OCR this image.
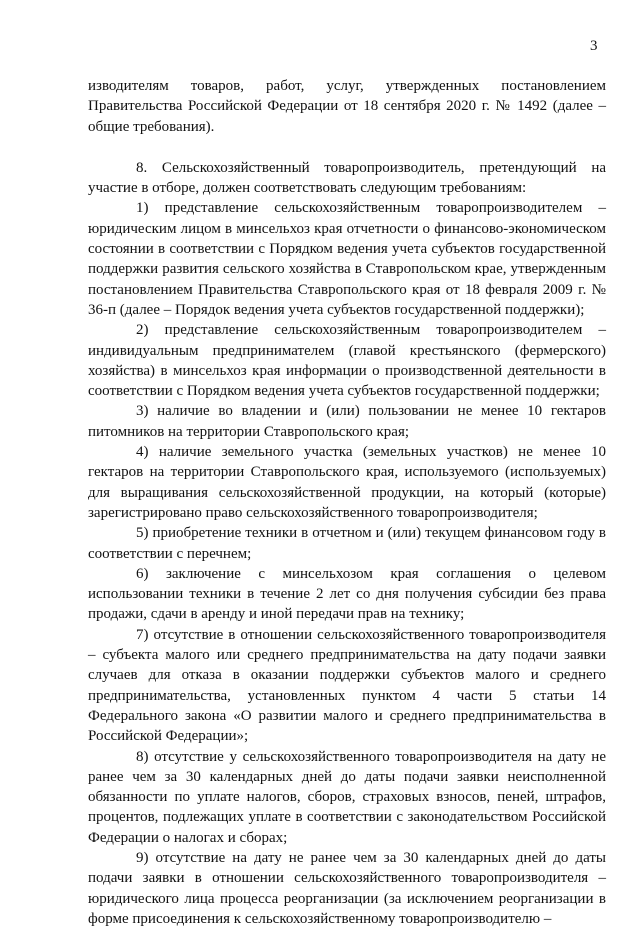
3

изводителям товаров, работ, услуг, утвержденных постановлением Правительства Российской Федерации от 18 сентября 2020 г. № 1492 (далее – общие требования).

8. Сельскохозяйственный товаропроизводитель, претендующий на участие в отборе, должен соответствовать следующим требованиям:

1) представление сельскохозяйственным товаропроизводителем – юридическим лицом в минсельхоз края отчетности о финансово-экономическом состоянии в соответствии с Порядком ведения учета субъектов государственной поддержки развития сельского хозяйства в Ставропольском крае, утвержденным постановлением Правительства Ставропольского края от 18 февраля 2009 г. № 36-п (далее – Порядок ведения учета субъектов государственной поддержки);

2) представление сельскохозяйственным товаропроизводителем – индивидуальным предпринимателем (главой крестьянского (фермерского) хозяйства) в минсельхоз края информации о производственной деятельности в соответствии с Порядком ведения учета субъектов государственной поддержки;

3) наличие во владении и (или) пользовании не менее 10 гектаров питомников на территории Ставропольского края;

4) наличие земельного участка (земельных участков) не менее 10 гектаров на территории Ставропольского края, используемого (используемых) для выращивания сельскохозяйственной продукции, на который (которые) зарегистрировано право сельскохозяйственного товаропроизводителя;

5) приобретение техники в отчетном и (или) текущем финансовом году в соответствии с перечнем;

6) заключение с минсельхозом края соглашения о целевом использовании техники в течение 2 лет со дня получения субсидии без права продажи, сдачи в аренду и иной передачи прав на технику;

7) отсутствие в отношении сельскохозяйственного товаропроизводителя – субъекта малого или среднего предпринимательства на дату подачи заявки случаев для отказа в оказании поддержки субъектов малого и среднего предпринимательства, установленных пунктом 4 части 5 статьи 14 Федерального закона «О развитии малого и среднего предпринимательства в Российской Федерации»;

8) отсутствие у сельскохозяйственного товаропроизводителя на дату не ранее чем за 30 календарных дней до даты подачи заявки неисполненной обязанности по уплате налогов, сборов, страховых взносов, пеней, штрафов, процентов, подлежащих уплате в соответствии с законодательством Российской Федерации о налогах и сборах;

9) отсутствие на дату не ранее чем за 30 календарных дней до даты подачи заявки в отношении сельскохозяйственного товаропроизводителя – юридического лица процесса реорганизации (за исключением реорганизации в форме присоединения к сельскохозяйственному товаропроизводителю –
